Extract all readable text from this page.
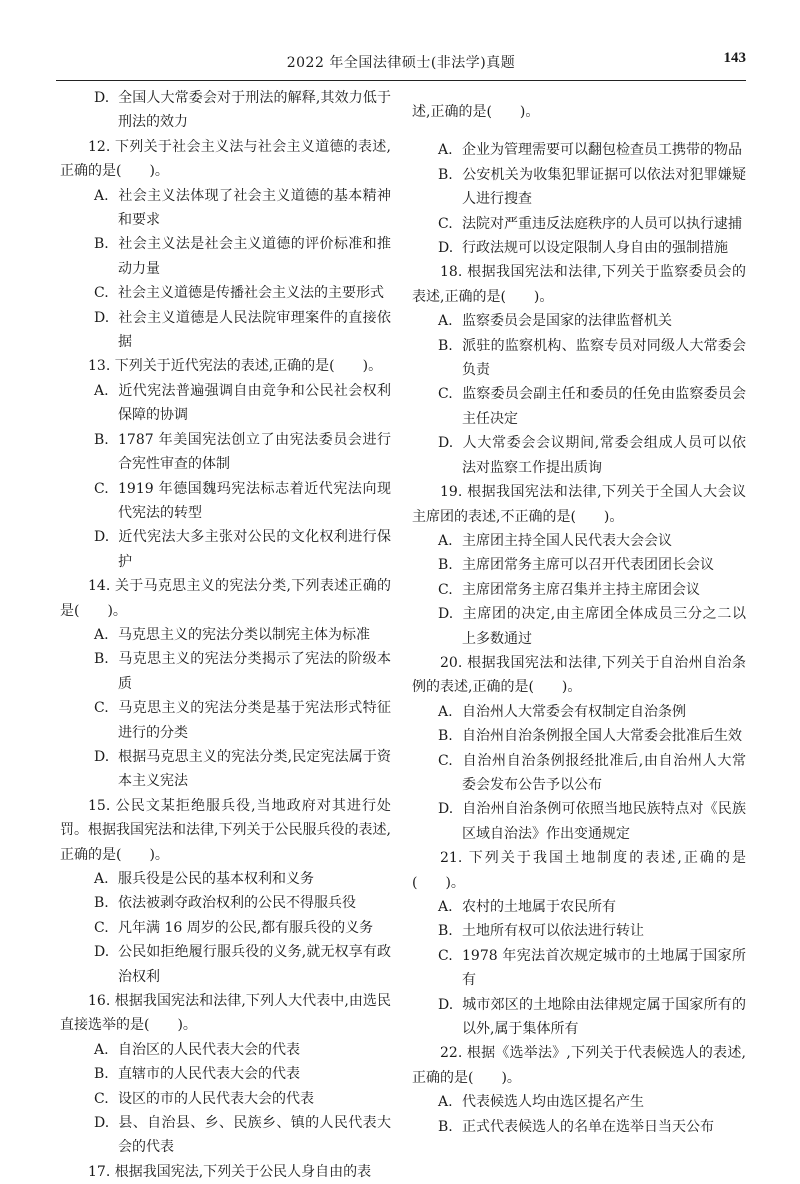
2022 年全国法律硕士(非法学)真题	143

D. 全国人大常委会对于刑法的解释,其效力低于刑法的效力

12. 下列关于社会主义法与社会主义道德的表述,正确的是(　　)。

A. 社会主义法体现了社会主义道德的基本精神和要求

B. 社会主义法是社会主义道德的评价标准和推动力量

C. 社会主义道德是传播社会主义法的主要形式

D. 社会主义道德是人民法院审理案件的直接依据

13. 下列关于近代宪法的表述,正确的是(　　)。

A. 近代宪法普遍强调自由竞争和公民社会权利保障的协调

B. 1787 年美国宪法创立了由宪法委员会进行合宪性审查的体制

C. 1919 年德国魏玛宪法标志着近代宪法向现代宪法的转型

D. 近代宪法大多主张对公民的文化权利进行保护

14. 关于马克思主义的宪法分类,下列表述正确的是(　　)。

A. 马克思主义的宪法分类以制宪主体为标准

B. 马克思主义的宪法分类揭示了宪法的阶级本质

C. 马克思主义的宪法分类是基于宪法形式特征进行的分类

D. 根据马克思主义的宪法分类,民定宪法属于资本主义宪法

15. 公民文某拒绝服兵役,当地政府对其进行处罚。根据我国宪法和法律,下列关于公民服兵役的表述,正确的是(　　)。

A. 服兵役是公民的基本权利和义务

B. 依法被剥夺政治权利的公民不得服兵役

C. 凡年满 16 周岁的公民,都有服兵役的义务

D. 公民如拒绝履行服兵役的义务,就无权享有政治权利

16. 根据我国宪法和法律,下列人大代表中,由选民直接选举的是(　　)。

A. 自治区的人民代表大会的代表

B. 直辖市的人民代表大会的代表

C. 设区的市的人民代表大会的代表

D. 县、自治县、乡、民族乡、镇的人民代表大会的代表

17. 根据我国宪法,下列关于公民人身自由的表

述,正确的是(　　)。

A. 企业为管理需要可以翻包检查员工携带的物品

B. 公安机关为收集犯罪证据可以依法对犯罪嫌疑人进行搜查

C. 法院对严重违反法庭秩序的人员可以执行逮捕

D. 行政法规可以设定限制人身自由的强制措施

18. 根据我国宪法和法律,下列关于监察委员会的表述,正确的是(　　)。

A. 监察委员会是国家的法律监督机关

B. 派驻的监察机构、监察专员对同级人大常委会负责

C. 监察委员会副主任和委员的任免由监察委员会主任决定

D. 人大常委会会议期间,常委会组成人员可以依法对监察工作提出质询

19. 根据我国宪法和法律,下列关于全国人大会议主席团的表述,不正确的是(　　)。

A. 主席团主持全国人民代表大会会议

B. 主席团常务主席可以召开代表团团长会议

C. 主席团常务主席召集并主持主席团会议

D. 主席团的决定,由主席团全体成员三分之二以上多数通过

20. 根据我国宪法和法律,下列关于自治州自治条例的表述,正确的是(　　)。

A. 自治州人大常委会有权制定自治条例

B. 自治州自治条例报全国人大常委会批准后生效

C. 自治州自治条例报经批准后,由自治州人大常委会发布公告予以公布

D. 自治州自治条例可依照当地民族特点对《民族区域自治法》作出变通规定

21. 下列关于我国土地制度的表述,正确的是(　　)。

A. 农村的土地属于农民所有

B. 土地所有权可以依法进行转让

C. 1978 年宪法首次规定城市的土地属于国家所有

D. 城市郊区的土地除由法律规定属于国家所有的以外,属于集体所有

22. 根据《选举法》,下列关于代表候选人的表述,正确的是(　　)。

A. 代表候选人均由选区提名产生

B. 正式代表候选人的名单在选举日当天公布
